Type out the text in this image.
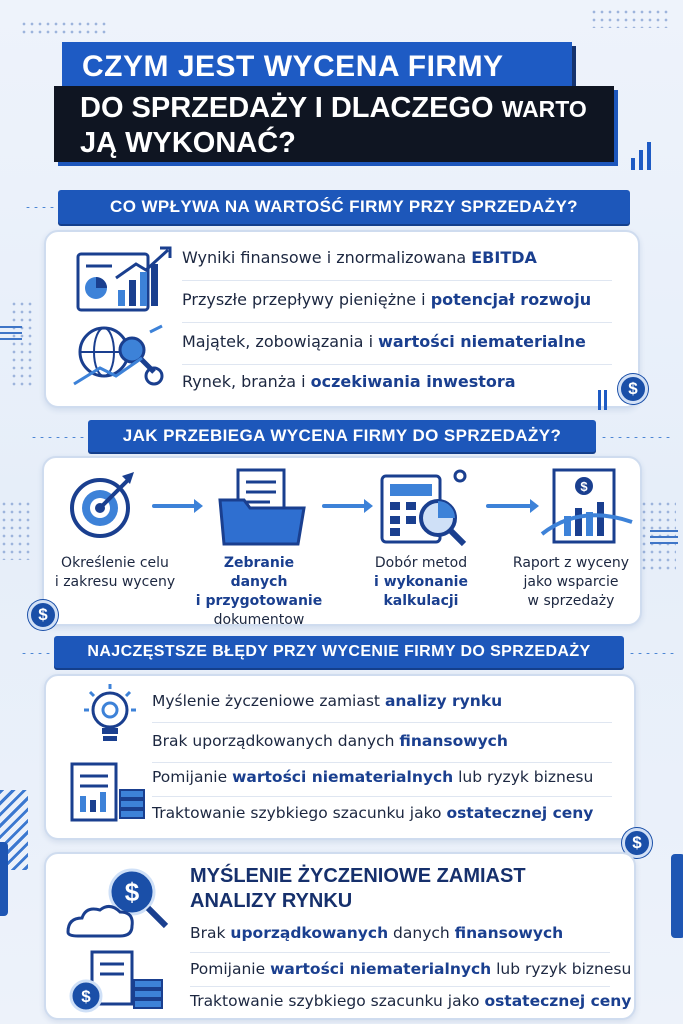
CZYM JEST WYCENA FIRMY
DO SPRZEDAŻY I DLACZEGO WARTO
JĄ WYKONAĆ?
CO WPŁYWA NA WARTOŚĆ FIRMY PRZY SPRZEDAŻY?
Wyniki finansowe i znormalizowana EBITDA
Przyszłe przepływy pieniężne i potencjał rozwoju
Majątek, zobowiązania i wartości niematerialne
Rynek, branża i oczekiwania inwestora	$
JAK PRZEBIEGA WYCENA FIRMY DO SPRZEDAŻY?
$
Określenie celu
i zakresu wyceny
Zebranie danych
i przygotowanie
dokumentow
Dobór metod
i wykonanie
kalkulacji
Raport z wyceny
jako wsparcie
w sprzedaży
$
NAJCZĘSTSZE BŁĘDY PRZY WYCENIE FIRMY DO SPRZEDAŻY
Myślenie życzeniowe zamiast analizy rynku
Brak uporządkowanych danych finansowych
Pomijanie wartości niematerialnych lub ryzyk biznesu
Traktowanie szybkiego szacunku jako ostatecznej ceny
$
$
$
MYŚLENIE ŻYCZENIOWE ZAMIAST
ANALIZY RYNKU
Brak uporządkowanych danych finansowych
Pomijanie wartości niematerialnych lub ryzyk biznesu
Traktowanie szybkiego szacunku jako ostatecznej ceny
